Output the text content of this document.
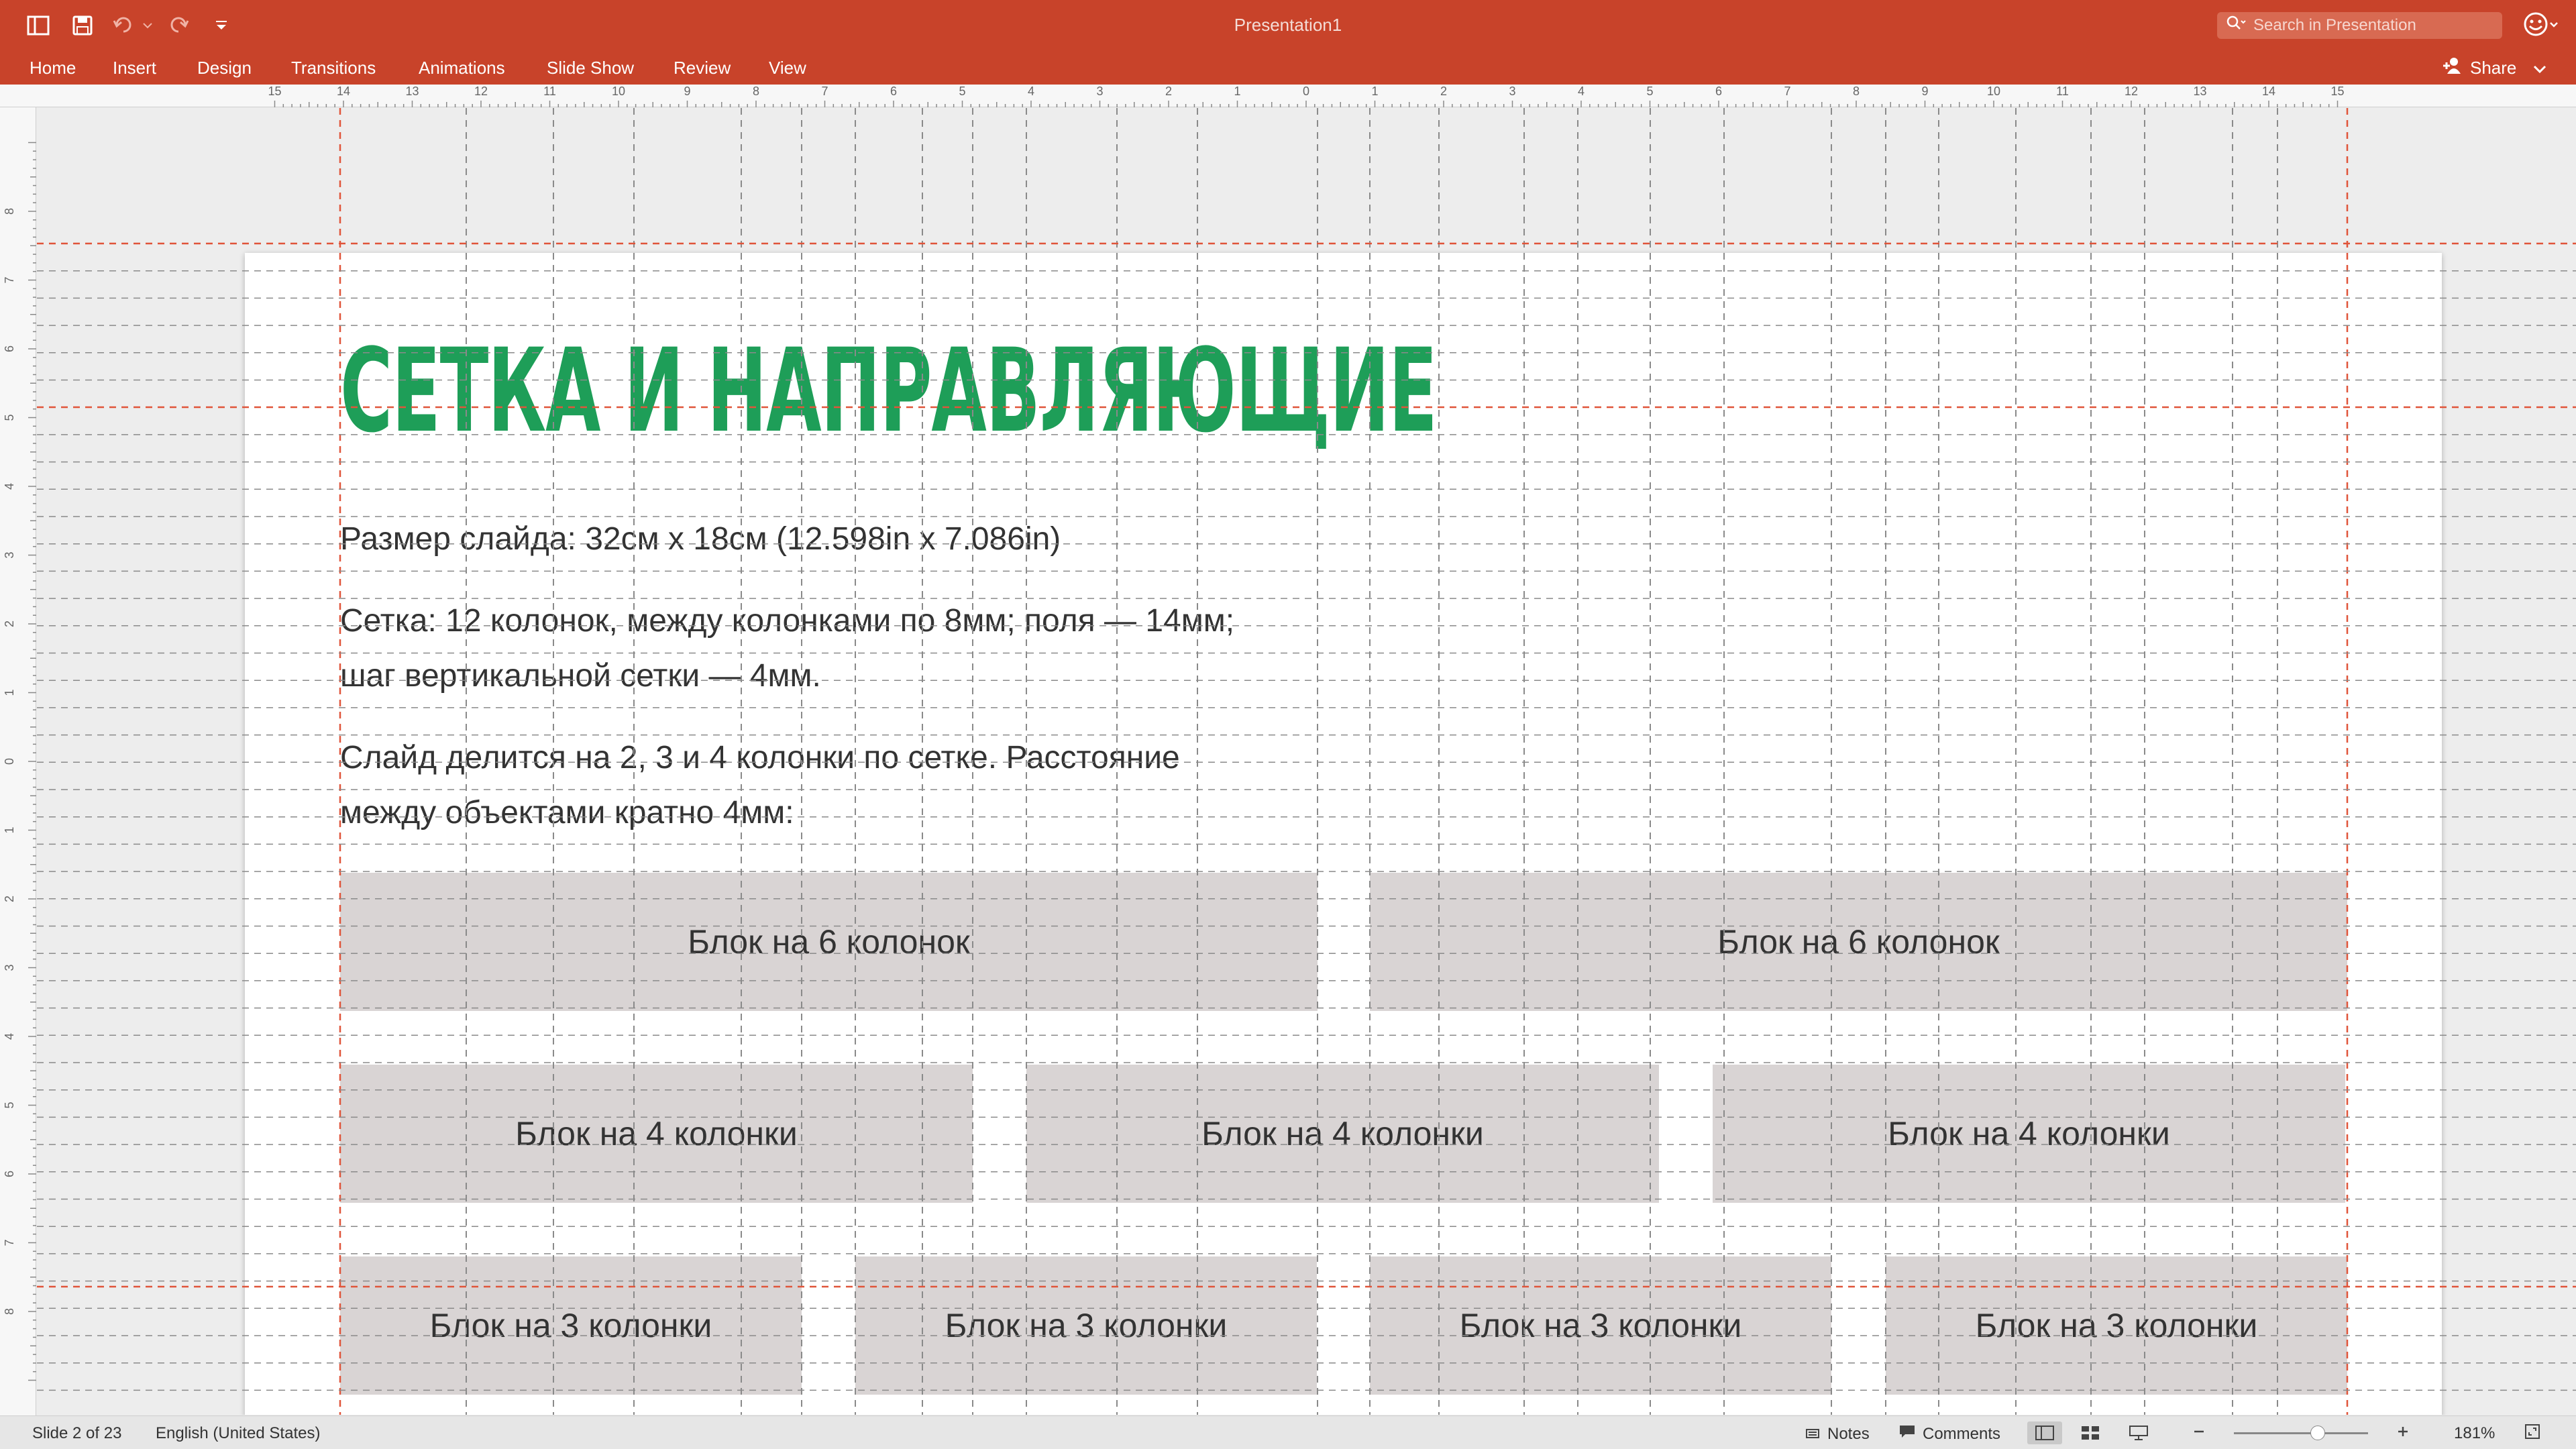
Presentation1	Search in Presentation
Home Insert Design Transitions Animations Slide Show Review View	Share
15	14	13	12	11	10	9	8	7	6	5	4	3	2	1	0	1	2	3	4	5	6	7	8	9	10	11	12	13	14	15
8
7
6
5
4
3
2
1
0
1
2
3
4
5
6
7
8
СЕТКА И НАПРАВЛЯЮЩИЕ
Размер слайда: 32см x 18см (12.598in x 7.086in)
Сетка: 12 колонок, между колонками по 8мм; поля — 14мм;
шаг вертикальной сетки — 4мм.
Слайд делится на 2, 3 и 4 колонки по сетке. Расстояние
между объектами кратно 4мм:
Блок на 6 колонок	Блок на 6 колонок
Блок на 4 колонки	Блок на 4 колонки	Блок на 4 колонки
Блок на 3 колонки	Блок на 3 колонки	Блок на 3 колонки	Блок на 3 колонки
Slide 2 of 23 English (United States)	Notes	Comments	181%
